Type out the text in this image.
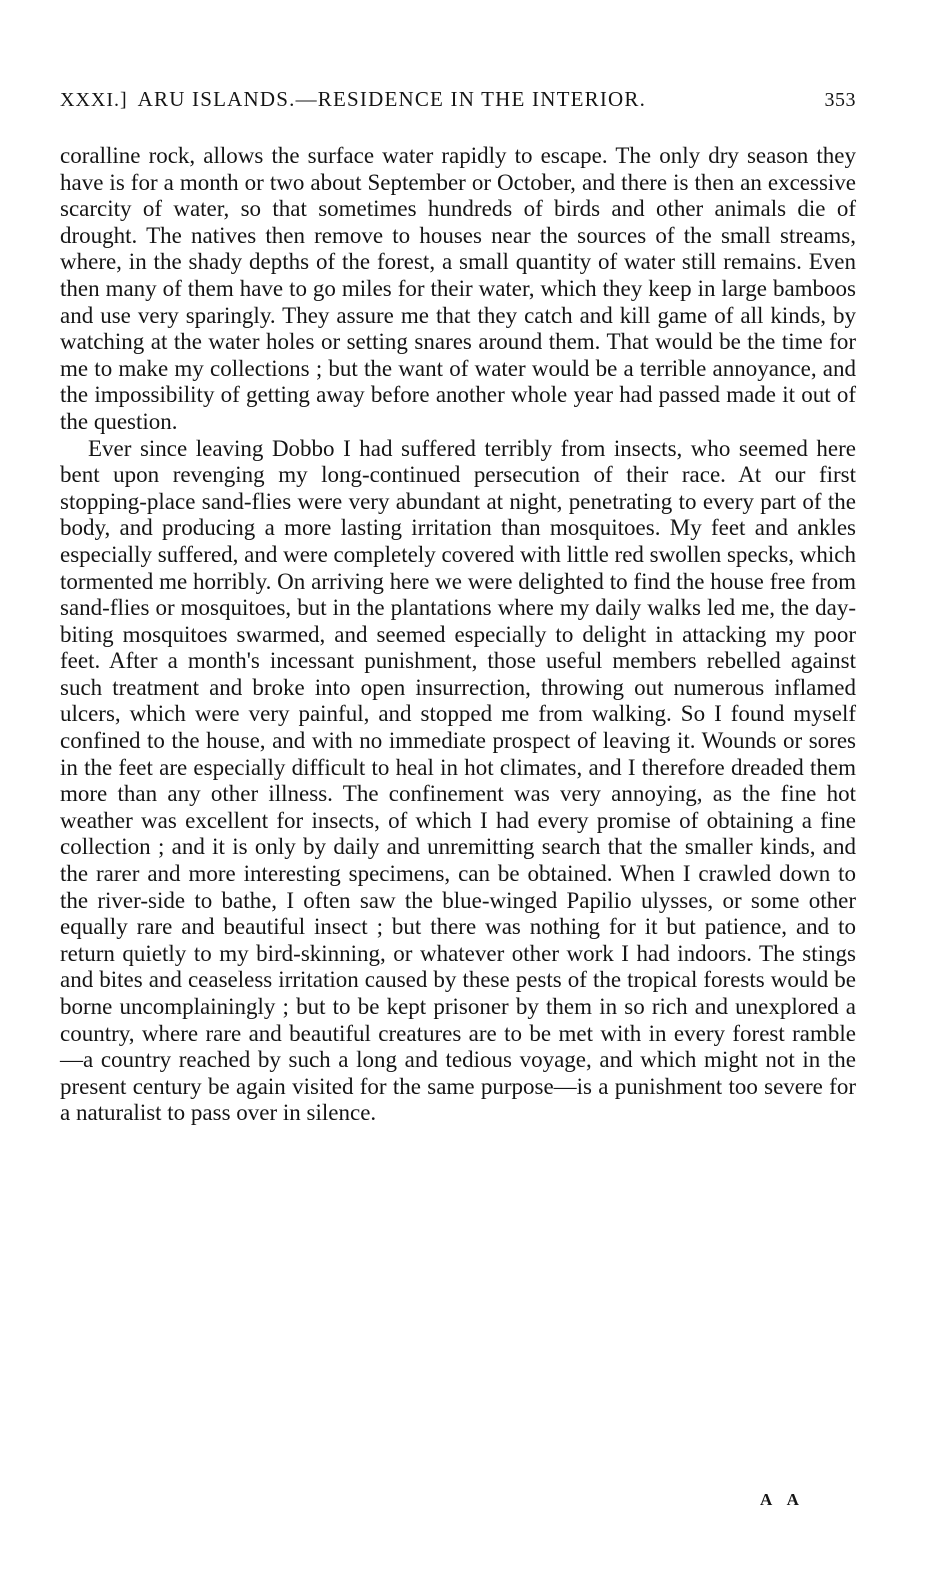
XXXI.] ARU ISLANDS.—RESIDENCE IN THE INTERIOR.	353

coralline rock, allows the surface water rapidly to escape. The only dry season they have is for a month or two about September or October, and there is then an excessive scarcity of water, so that sometimes hundreds of birds and other animals die of drought. The natives then remove to houses near the sources of the small streams, where, in the shady depths of the forest, a small quantity of water still remains. Even then many of them have to go miles for their water, which they keep in large bamboos and use very sparingly. They assure me that they catch and kill game of all kinds, by watching at the water holes or setting snares around them. That would be the time for me to make my collections ; but the want of water would be a terrible annoyance, and the impossibility of getting away before another whole year had passed made it out of the question.

Ever since leaving Dobbo I had suffered terribly from insects, who seemed here bent upon revenging my long-continued persecution of their race. At our first stopping-place sand-flies were very abundant at night, penetrating to every part of the body, and producing a more lasting irritation than mosquitoes. My feet and ankles especially suffered, and were completely covered with little red swollen specks, which tormented me horribly. On arriving here we were delighted to find the house free from sand-flies or mosquitoes, but in the plantations where my daily walks led me, the day-biting mosquitoes swarmed, and seemed especially to delight in attacking my poor feet. After a month's incessant punishment, those useful members rebelled against such treatment and broke into open insurrection, throwing out numerous inflamed ulcers, which were very painful, and stopped me from walking. So I found myself confined to the house, and with no immediate prospect of leaving it. Wounds or sores in the feet are especially difficult to heal in hot climates, and I therefore dreaded them more than any other illness. The confinement was very annoying, as the fine hot weather was excellent for insects, of which I had every promise of obtaining a fine collection ; and it is only by daily and unremitting search that the smaller kinds, and the rarer and more interesting specimens, can be obtained. When I crawled down to the river-side to bathe, I often saw the blue-winged Papilio ulysses, or some other equally rare and beautiful insect ; but there was nothing for it but patience, and to return quietly to my bird-skinning, or whatever other work I had indoors. The stings and bites and ceaseless irritation caused by these pests of the tropical forests would be borne uncomplainingly ; but to be kept prisoner by them in so rich and unexplored a country, where rare and beautiful creatures are to be met with in every forest ramble—a country reached by such a long and tedious voyage, and which might not in the present century be again visited for the same purpose—is a punishment too severe for a naturalist to pass over in silence.

A A
